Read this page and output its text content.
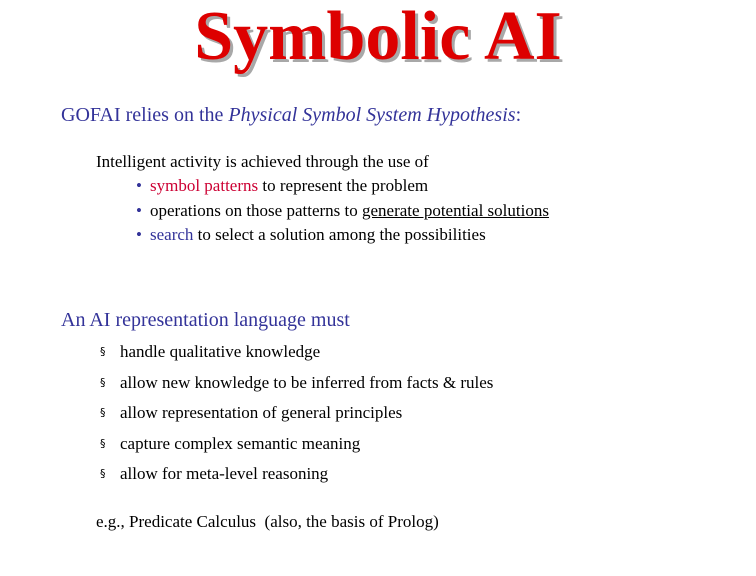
Symbolic AI
GOFAI relies on the Physical Symbol System Hypothesis:
Intelligent activity is achieved through the use of
• symbol patterns to represent the problem
• operations on those patterns to generate potential solutions
• search to select a solution among the possibilities
An AI representation language must
§ handle qualitative knowledge
§ allow new knowledge to be inferred from facts & rules
§ allow representation of general principles
§ capture complex semantic meaning
§ allow for meta-level reasoning
e.g., Predicate Calculus  (also, the basis of Prolog)
